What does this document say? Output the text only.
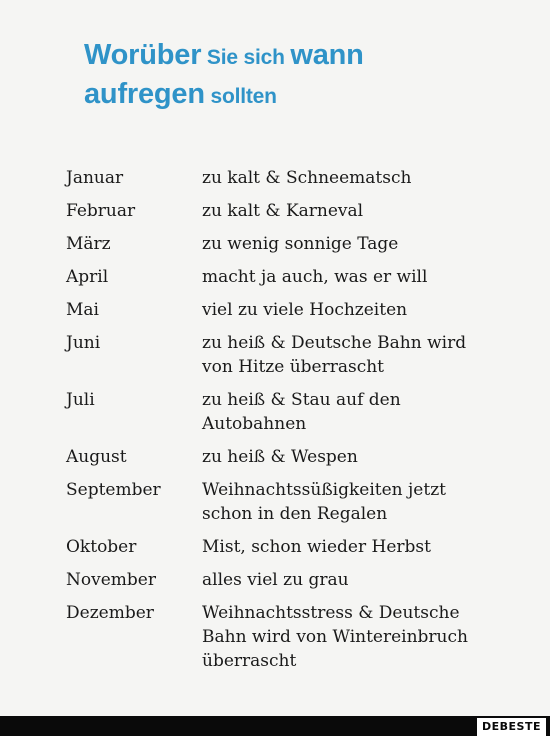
Worüber Sie sich wann
aufregen sollten
Januar	zu kalt & Schneematsch
Februar	zu kalt & Karneval
März	zu wenig sonnige Tage
April	macht ja auch, was er will
Mai	viel zu viele Hochzeiten
Juni	zu heiß & Deutsche Bahn wird
von Hitze überrascht
Juli	zu heiß & Stau auf den
Autobahnen
August	zu heiß & Wespen
September	Weihnachtssüßigkeiten jetzt
schon in den Regalen
Oktober	Mist, schon wieder Herbst
November	alles viel zu grau
Dezember	Weihnachtsstress & Deutsche
Bahn wird von Wintereinbruch
überrascht
DEBESTE
